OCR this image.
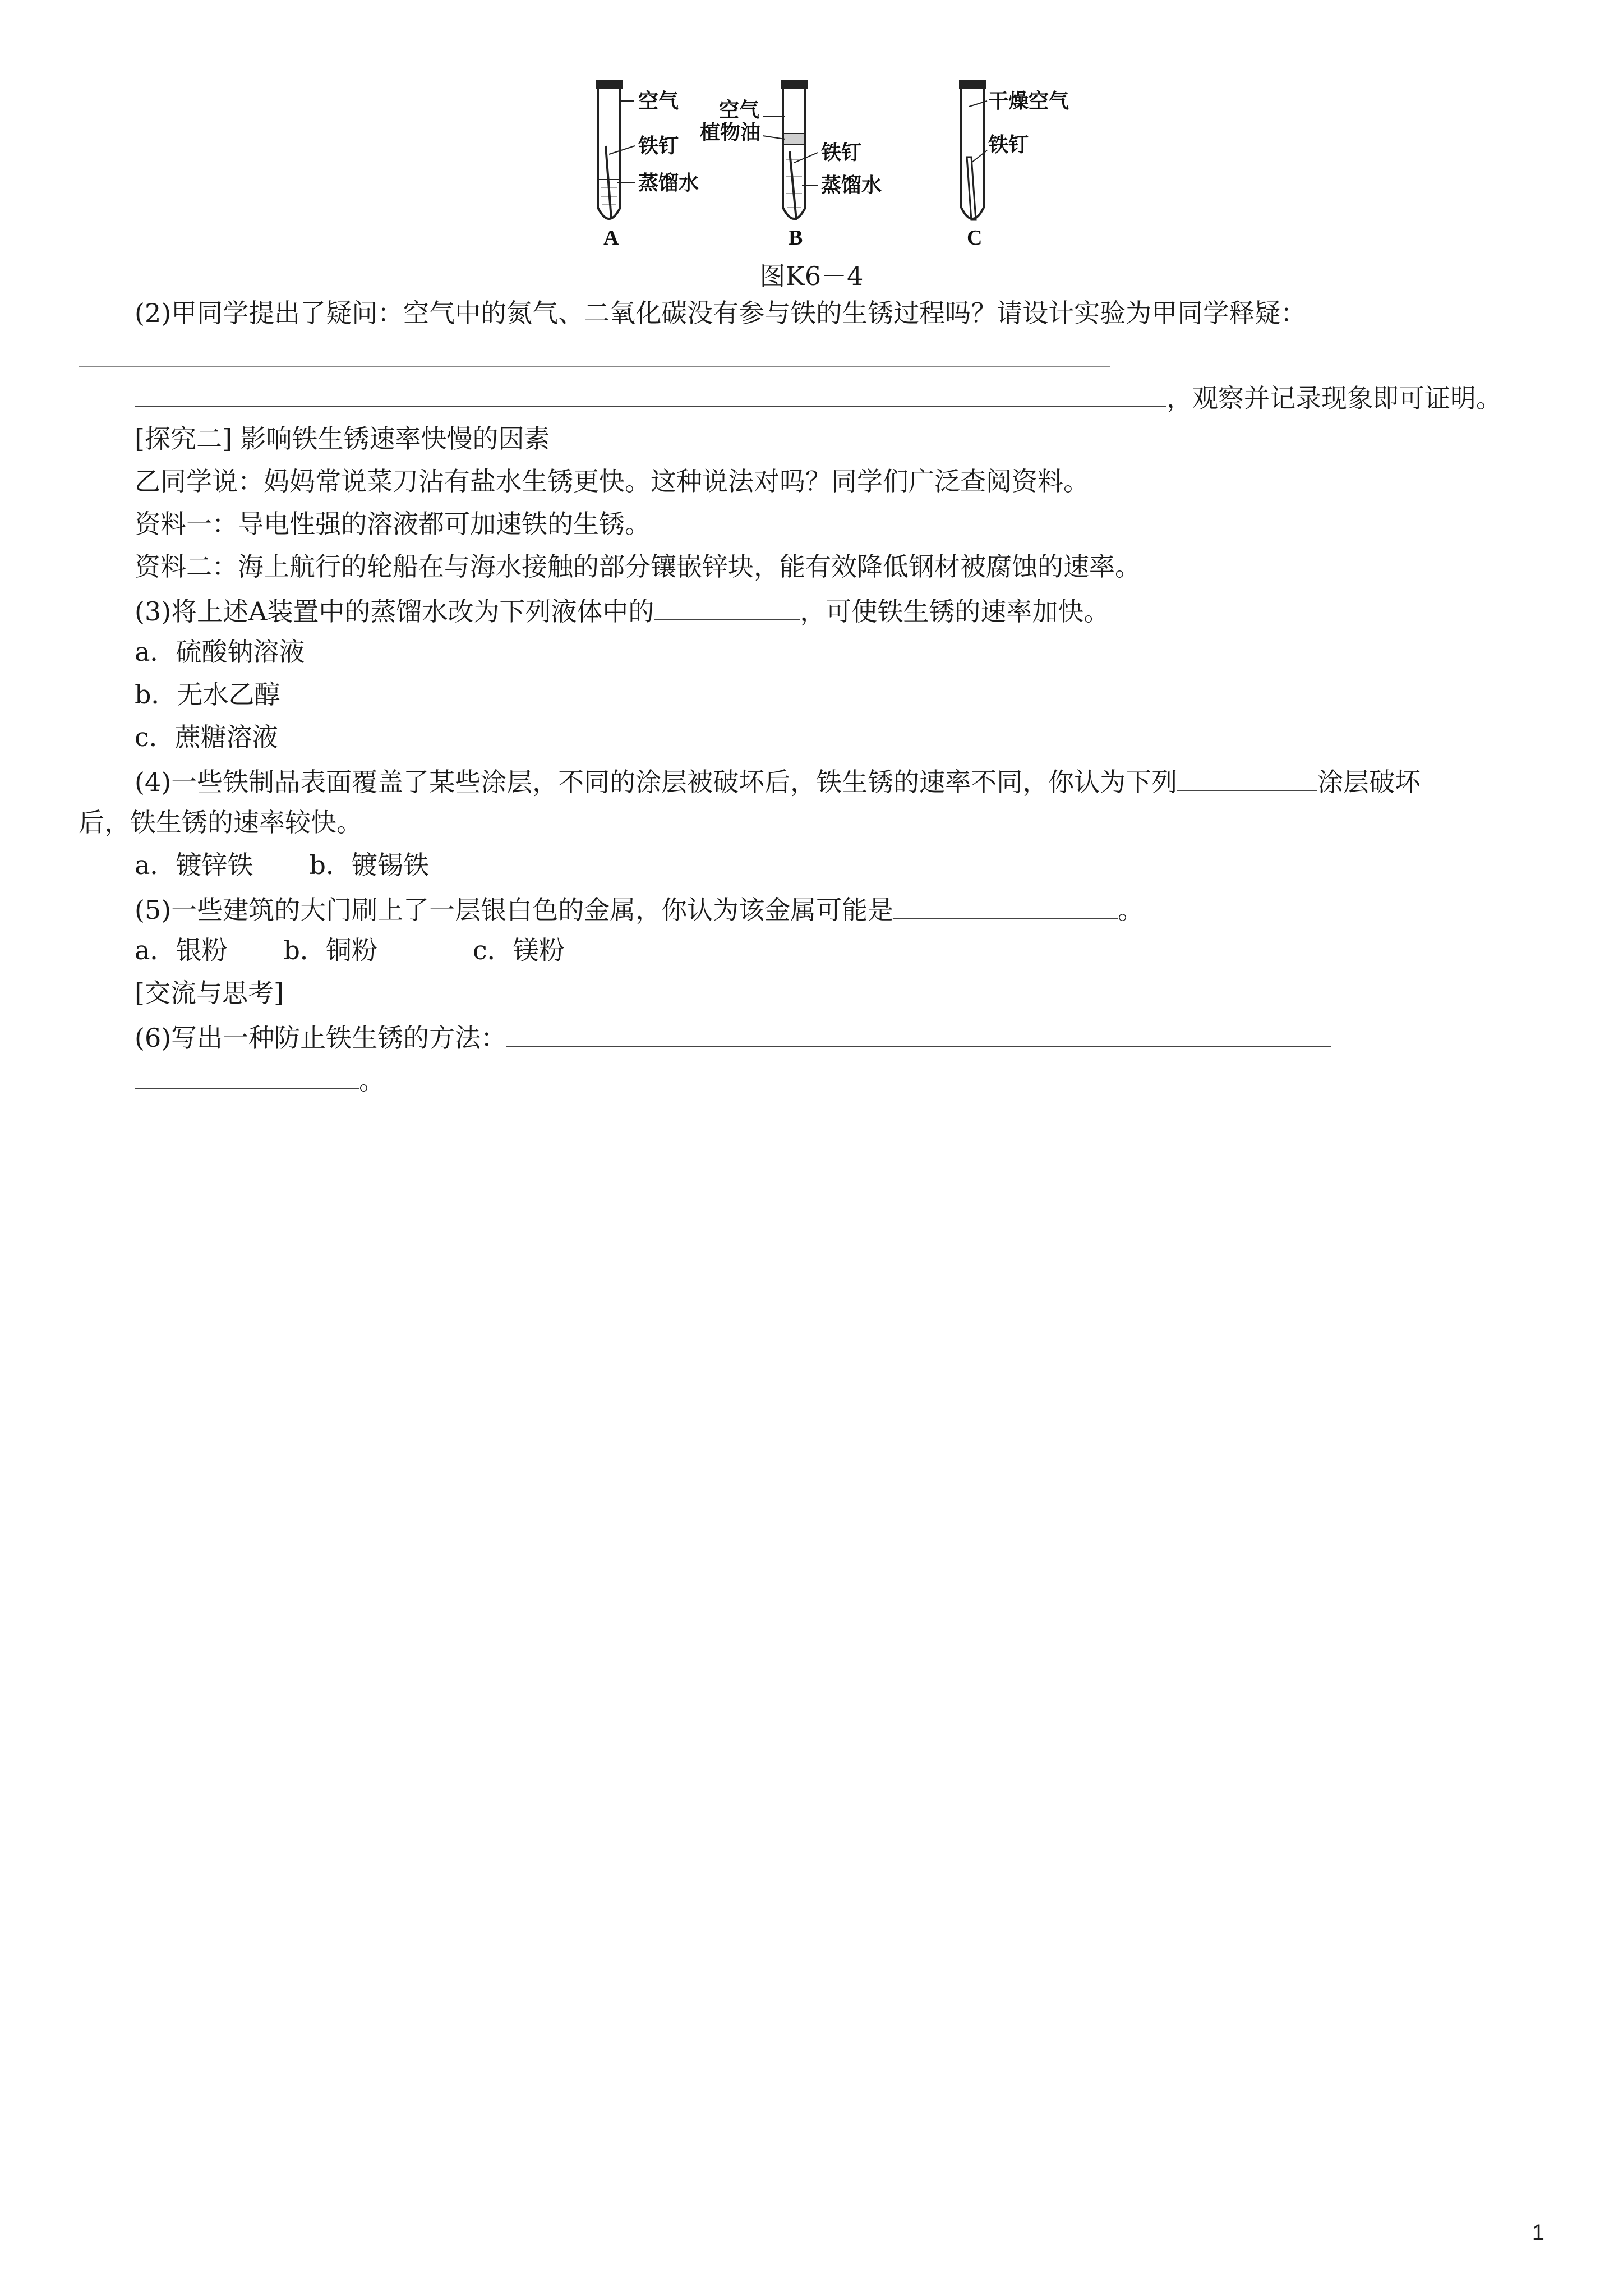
空气
铁钉
蒸馏水
A
空气
植物油
铁钉
蒸馏水
B
干燥空气
铁钉
C
图K6－4
(2)甲同学提出了疑问：空气中的氮气、二氧化碳没有参与铁的生锈过程吗？请设计实验为甲同学释疑：
，观察并记录现象即可证明。
[探究二] 影响铁生锈速率快慢的因素
乙同学说：妈妈常说菜刀沾有盐水生锈更快。这种说法对吗？同学们广泛查阅资料。
资料一：导电性强的溶液都可加速铁的生锈。
资料二：海上航行的轮船在与海水接触的部分镶嵌锌块，能有效降低钢材被腐蚀的速率。
(3)将上述A装置中的蒸馏水改为下列液体中的	，可使铁生锈的速率加快。
a．硫酸钠溶液
b．无水乙醇
c．蔗糖溶液
(4)一些铁制品表面覆盖了某些涂层，不同的涂层被破坏后，铁生锈的速率不同，你认为下列	涂层破坏
后，铁生锈的速率较快。
a．镀锌铁 b．镀锡铁
(5)一些建筑的大门刷上了一层银白色的金属，你认为该金属可能是	。
a．银粉 b．铜粉	c．镁粉
[交流与思考]
(6)写出一种防止铁生锈的方法：
。
1
